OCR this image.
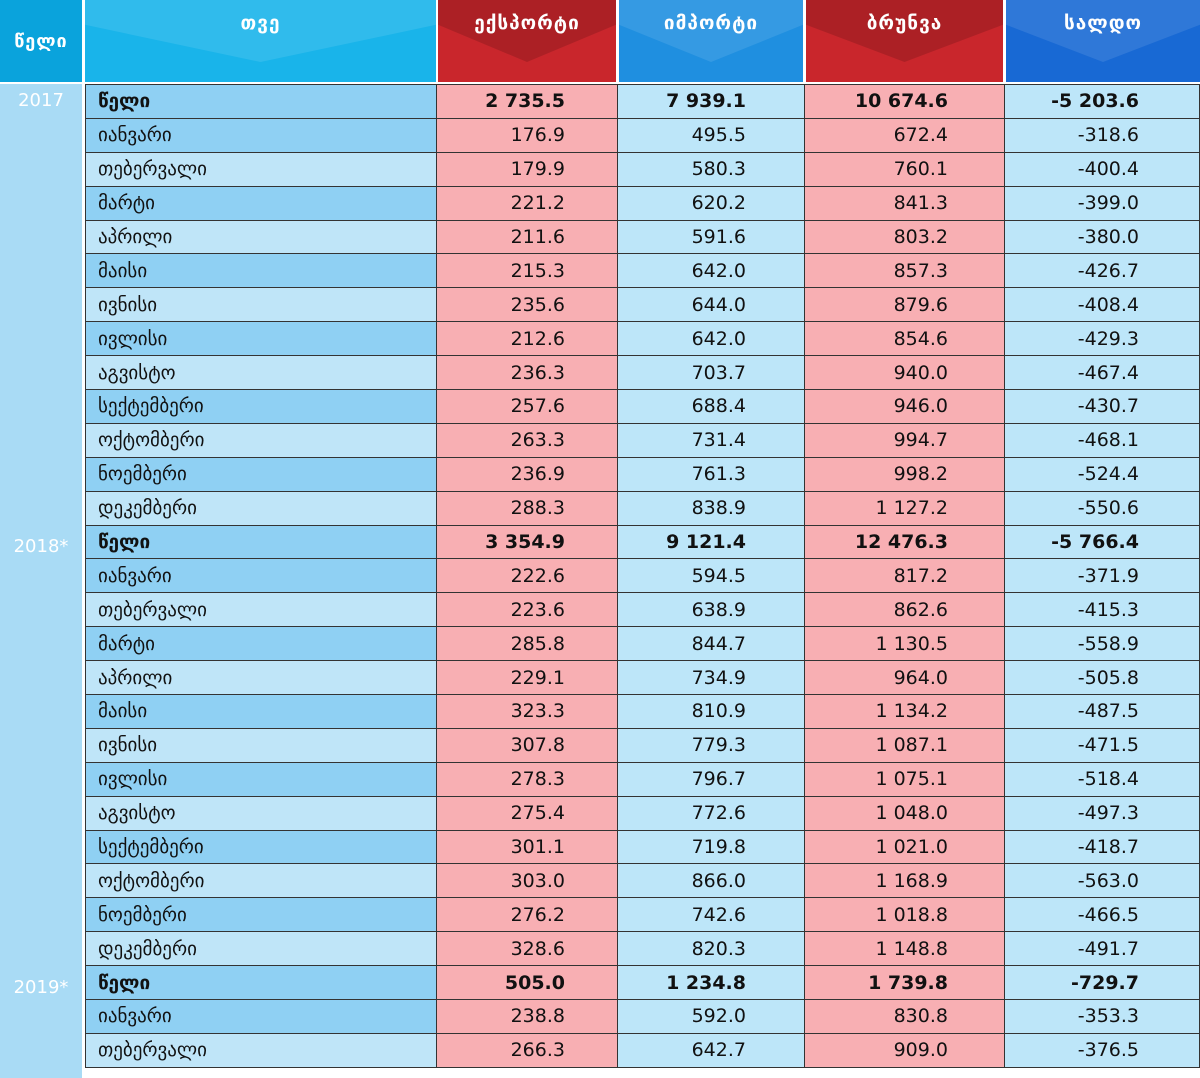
წელი
თვე	ექსპორტი	იმპორტი	ბრუნვა	სალდო
2017
2018*
2019*
წელი	2 735.5	7 939.1	10 674.6	-5 203.6
იანვარი	176.9	495.5	672.4	-318.6
თებერვალი	179.9	580.3	760.1	-400.4
მარტი	221.2	620.2	841.3	-399.0
აპრილი	211.6	591.6	803.2	-380.0
მაისი	215.3	642.0	857.3	-426.7
ივნისი	235.6	644.0	879.6	-408.4
ივლისი	212.6	642.0	854.6	-429.3
აგვისტო	236.3	703.7	940.0	-467.4
სექტემბერი	257.6	688.4	946.0	-430.7
ოქტომბერი	263.3	731.4	994.7	-468.1
ნოემბერი	236.9	761.3	998.2	-524.4
დეკემბერი	288.3	838.9	1 127.2	-550.6
წელი	3 354.9	9 121.4	12 476.3	-5 766.4
იანვარი	222.6	594.5	817.2	-371.9
თებერვალი	223.6	638.9	862.6	-415.3
მარტი	285.8	844.7	1 130.5	-558.9
აპრილი	229.1	734.9	964.0	-505.8
მაისი	323.3	810.9	1 134.2	-487.5
ივნისი	307.8	779.3	1 087.1	-471.5
ივლისი	278.3	796.7	1 075.1	-518.4
აგვისტო	275.4	772.6	1 048.0	-497.3
სექტემბერი	301.1	719.8	1 021.0	-418.7
ოქტომბერი	303.0	866.0	1 168.9	-563.0
ნოემბერი	276.2	742.6	1 018.8	-466.5
დეკემბერი	328.6	820.3	1 148.8	-491.7
წელი	505.0	1 234.8	1 739.8	-729.7
იანვარი	238.8	592.0	830.8	-353.3
თებერვალი	266.3	642.7	909.0	-376.5
